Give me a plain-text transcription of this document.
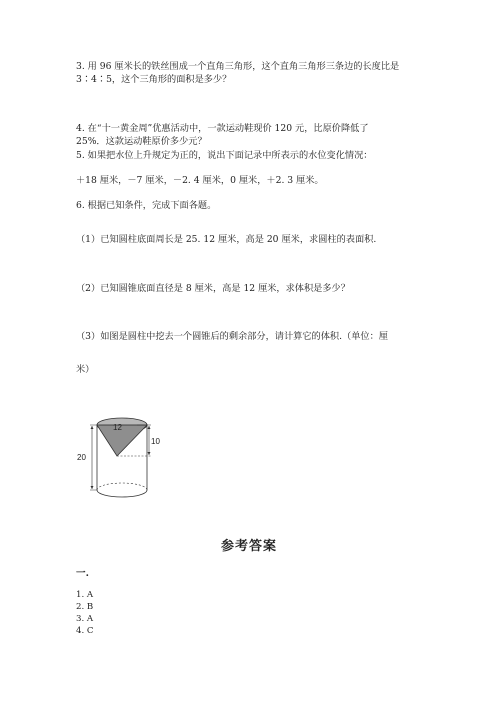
3. 用 96 厘米长的铁丝围成一个直角三角形，这个直角三角形三条边的长度比是
3∶4∶5，这个三角形的面积是多少？
4. 在“十一黄金周”优惠活动中，一款运动鞋现价 120 元，比原价降低了
25%．这款运动鞋原价多少元？
5. 如果把水位上升规定为正的，说出下面记录中所表示的水位变化情况：
＋18 厘米，－7 厘米，－2. 4 厘米，0 厘米，＋2. 3 厘米。
6. 根据已知条件，完成下面各题。
（1）已知圆柱底面周长是 25. 12 厘米，高是 20 厘米，求圆柱的表面积.
（2）已知圆锥底面直径是 8 厘米，高是 12 厘米，求体积是多少？
（3）如图是圆柱中挖去一个圆锥后的剩余部分，请计算它的体积.（单位：厘
米）
12
10
20
参考答案
一.
1. A
2. B
3. A
4. C
